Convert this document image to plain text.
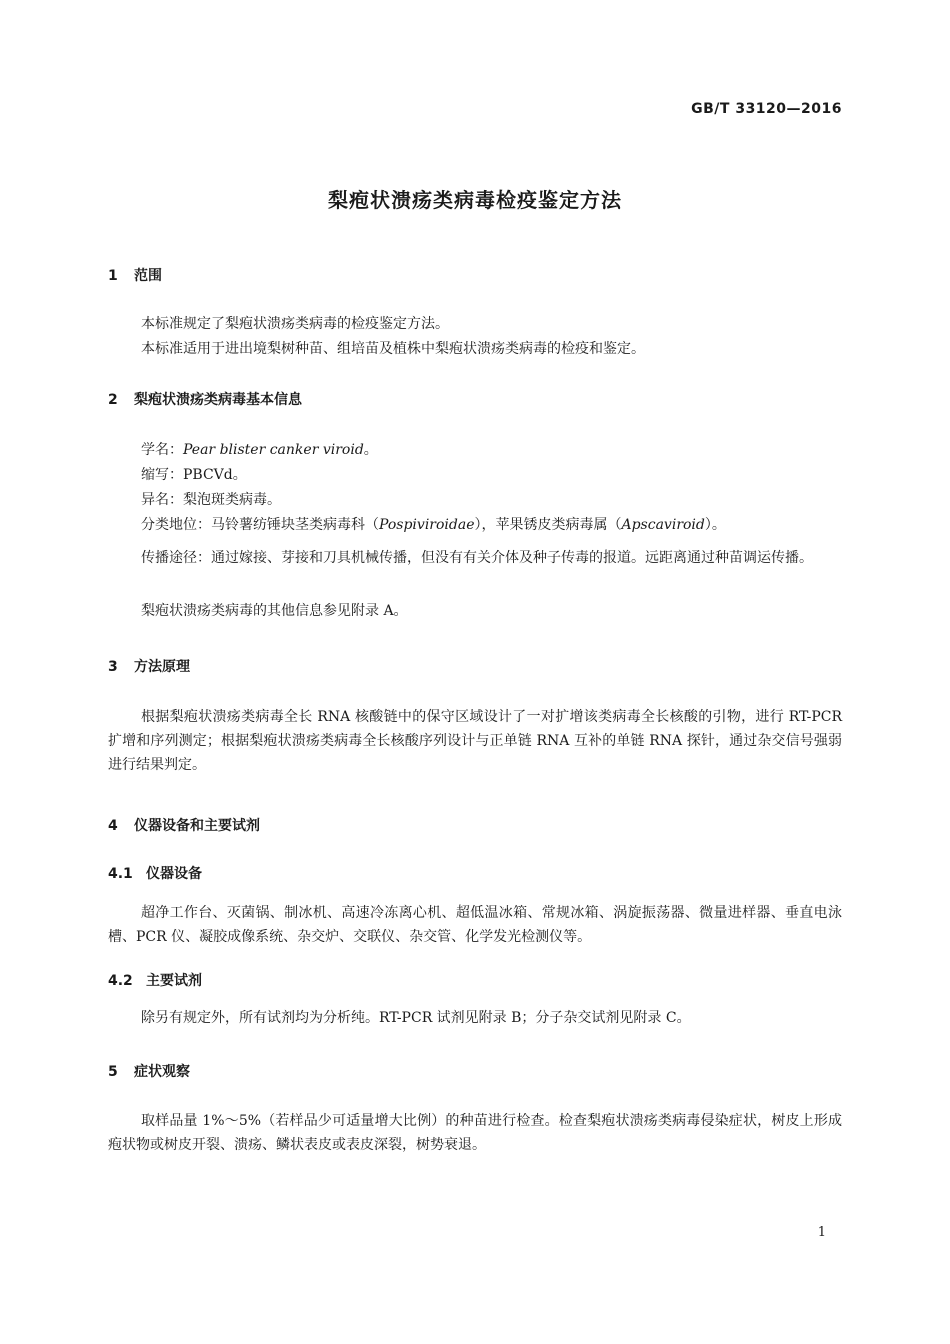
GB/T 33120—2016
梨疱状溃疡类病毒检疫鉴定方法
1 范围
本标准规定了梨疱状溃疡类病毒的检疫鉴定方法。
本标准适用于进出境梨树种苗、组培苗及植株中梨疱状溃疡类病毒的检疫和鉴定。
2 梨疱状溃疡类病毒基本信息
学名：Pear blister canker viroid。
缩写：PBCVd。
异名：梨泡斑类病毒。
分类地位：马铃薯纺锤块茎类病毒科（Pospiviroidae），苹果锈皮类病毒属（Apscaviroid）。
传播途径：通过嫁接、芽接和刀具机械传播，但没有有关介体及种子传毒的报道。远距离通过种苗调运传播。
梨疱状溃疡类病毒的其他信息参见附录 A。
3 方法原理
根据梨疱状溃疡类病毒全长 RNA 核酸链中的保守区域设计了一对扩增该类病毒全长核酸的引物，进行 RT-PCR 扩增和序列测定；根据梨疱状溃疡类病毒全长核酸序列设计与正单链 RNA 互补的单链 RNA 探针，通过杂交信号强弱进行结果判定。
4 仪器设备和主要试剂
4.1 仪器设备
超净工作台、灭菌锅、制冰机、高速冷冻离心机、超低温冰箱、常规冰箱、涡旋振荡器、微量进样器、垂直电泳槽、PCR 仪、凝胶成像系统、杂交炉、交联仪、杂交管、化学发光检测仪等。
4.2 主要试剂
除另有规定外，所有试剂均为分析纯。RT-PCR 试剂见附录 B；分子杂交试剂见附录 C。
5 症状观察
取样品量 1%～5%（若样品少可适量增大比例）的种苗进行检查。检查梨疱状溃疡类病毒侵染症状，树皮上形成疱状物或树皮开裂、溃疡、鳞状表皮或表皮深裂，树势衰退。
1
